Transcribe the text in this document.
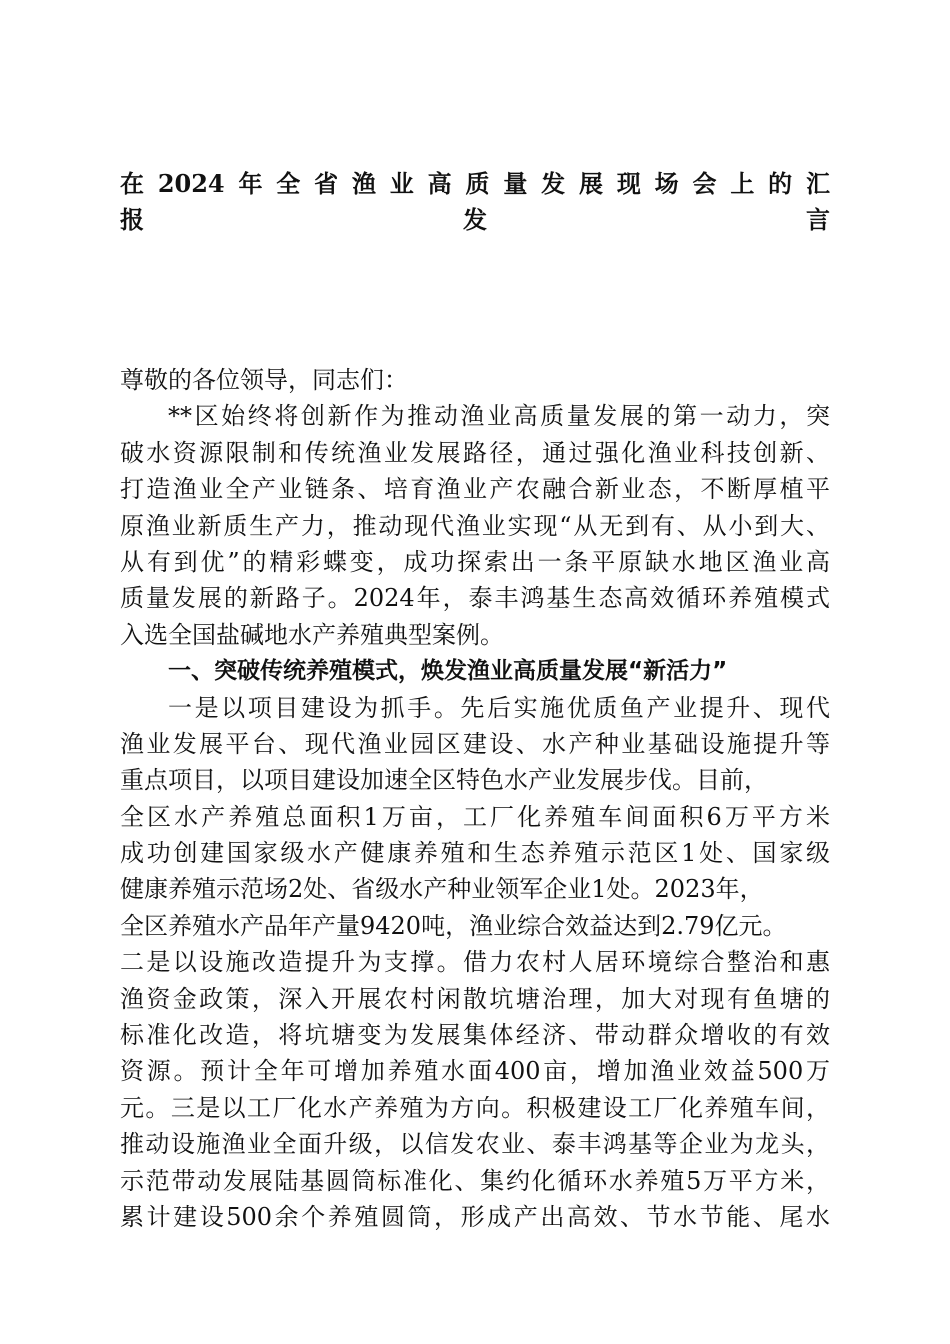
在2024年全省渔业高质量发展现场会上的汇
报发言
尊敬的各位领导，同志们：
**区始终将创新作为推动渔业高质量发展的第一动力，突
破水资源限制和传统渔业发展路径，通过强化渔业科技创新、
打造渔业全产业链条、培育渔业产农融合新业态，不断厚植平
原渔业新质生产力，推动现代渔业实现“从无到有、从小到大、
从有到优”的精彩蝶变，成功探索出一条平原缺水地区渔业高
质量发展的新路子。2024年，泰丰鸿基生态高效循环养殖模式
入选全国盐碱地水产养殖典型案例。
一、突破传统养殖模式，焕发渔业高质量发展“新活力”
一是以项目建设为抓手。先后实施优质鱼产业提升、现代
渔业发展平台、现代渔业园区建设、水产种业基础设施提升等
重点项目，以项目建设加速全区特色水产业发展步伐。目前，
全区水产养殖总面积1万亩，工厂化养殖车间面积6万平方米
成功创建国家级水产健康养殖和生态养殖示范区1处、国家级
健康养殖示范场2处、省级水产种业领军企业1处。2023年，
全区养殖水产品年产量9420吨，渔业综合效益达到2.79亿元。
二是以设施改造提升为支撑。借力农村人居环境综合整治和惠
渔资金政策，深入开展农村闲散坑塘治理，加大对现有鱼塘的
标准化改造，将坑塘变为发展集体经济、带动群众增收的有效
资源。预计全年可增加养殖水面400亩，增加渔业效益500万
元。三是以工厂化水产养殖为方向。积极建设工厂化养殖车间，
推动设施渔业全面升级，以信发农业、泰丰鸿基等企业为龙头，
示范带动发展陆基圆筒标准化、集约化循环水养殖5万平方米，
累计建设500余个养殖圆筒，形成产出高效、节水节能、尾水
